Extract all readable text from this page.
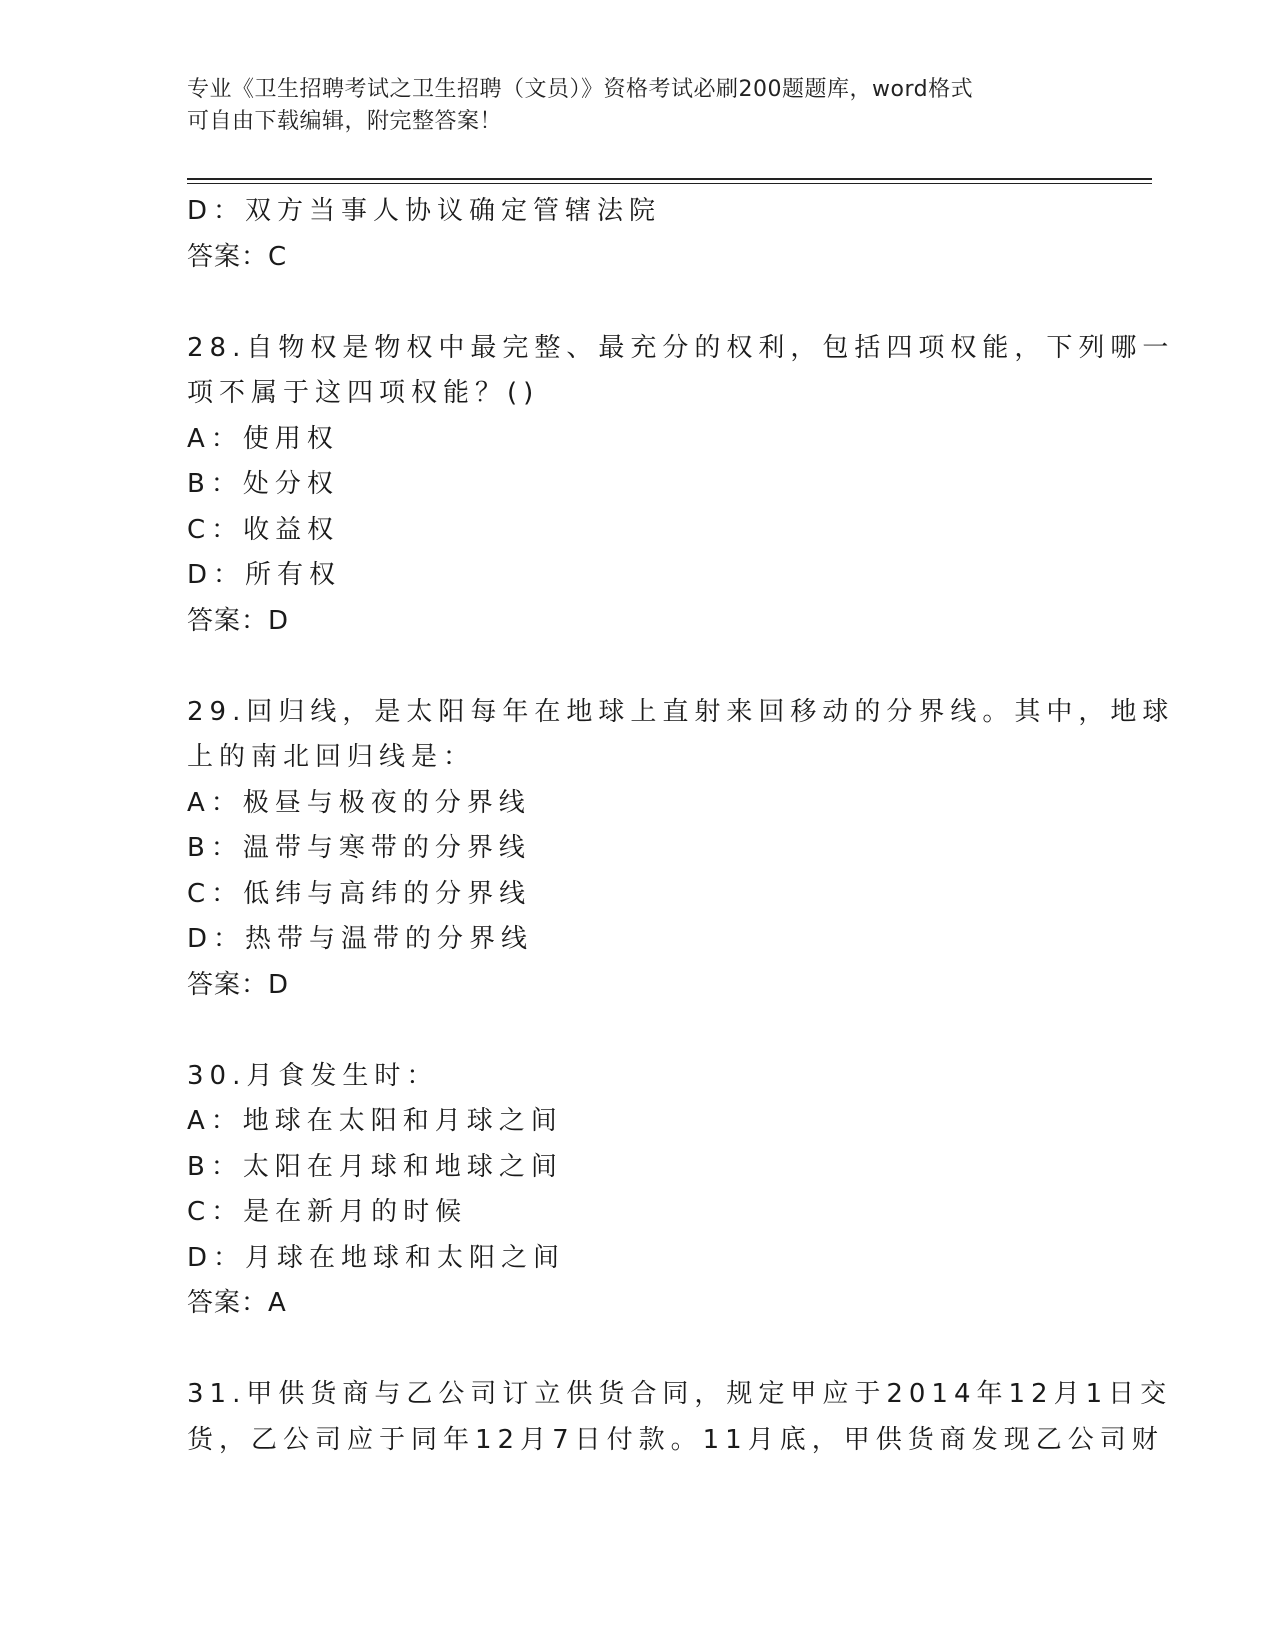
专业《卫生招聘考试之卫生招聘（文员）》资格考试必刷200题题库，word格式
可自由下载编辑，附完整答案！
D：双方当事人协议确定管辖法院
答案：C
28.自物权是物权中最完整、最充分的权利，包括四项权能，下列哪一
项不属于这四项权能？()
A：使用权
B：处分权
C：收益权
D：所有权
答案：D
29.回归线，是太阳每年在地球上直射来回移动的分界线。其中，地球
上的南北回归线是：
A：极昼与极夜的分界线
B：温带与寒带的分界线
C：低纬与高纬的分界线
D：热带与温带的分界线
答案：D
30.月食发生时：
A：地球在太阳和月球之间
B：太阳在月球和地球之间
C：是在新月的时候
D：月球在地球和太阳之间
答案：A
31.甲供货商与乙公司订立供货合同，规定甲应于2014年12月1日交
货，乙公司应于同年12月7日付款。11月底，甲供货商发现乙公司财
